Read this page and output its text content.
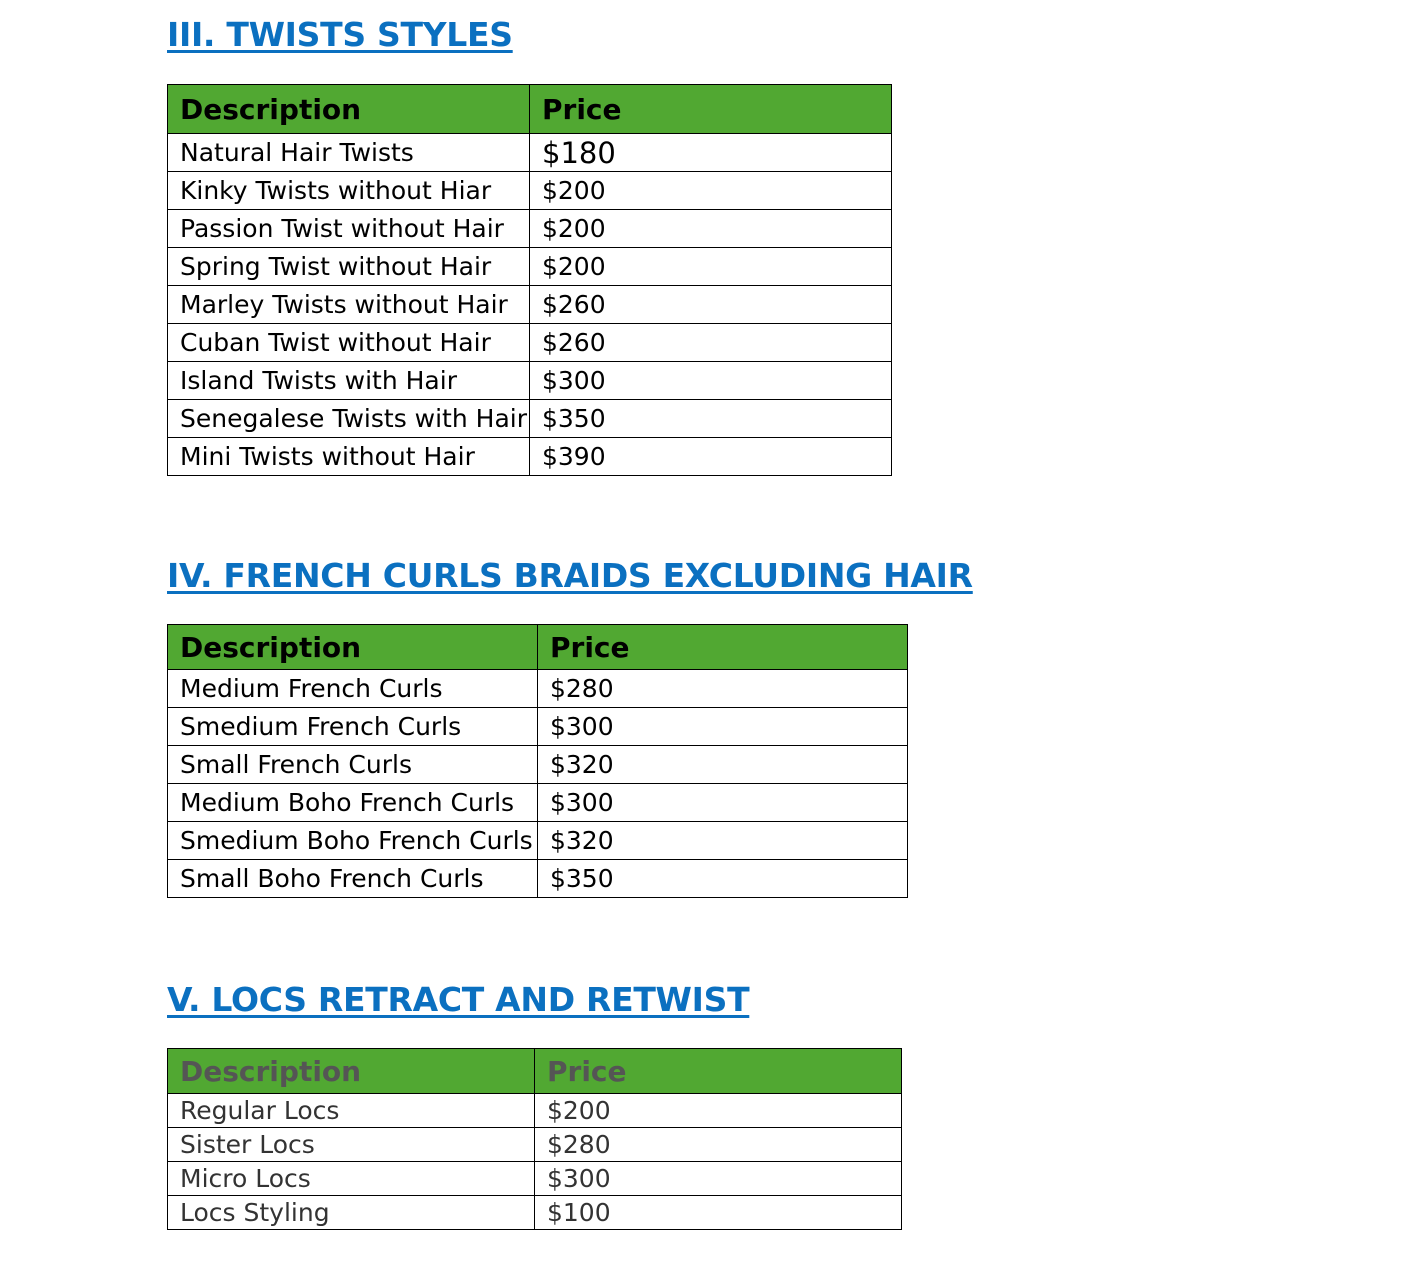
III. TWISTS STYLES
Description	Price
Natural Hair Twists	$180
Kinky Twists without Hiar	$200
Passion Twist without Hair	$200
Spring Twist without Hair	$200
Marley Twists without Hair	$260
Cuban Twist without Hair	$260
Island Twists with Hair	$300
Senegalese Twists with Hair	$350
Mini Twists without Hair	$390
IV. FRENCH CURLS BRAIDS EXCLUDING HAIR
Description	Price
Medium French Curls	$280
Smedium French Curls	$300
Small French Curls	$320
Medium Boho French Curls	$300
Smedium Boho French Curls	$320
Small Boho French Curls	$350
V. LOCS RETRACT AND RETWIST
Description	Price
Regular Locs	$200
Sister Locs	$280
Micro Locs	$300
Locs Styling	$100
